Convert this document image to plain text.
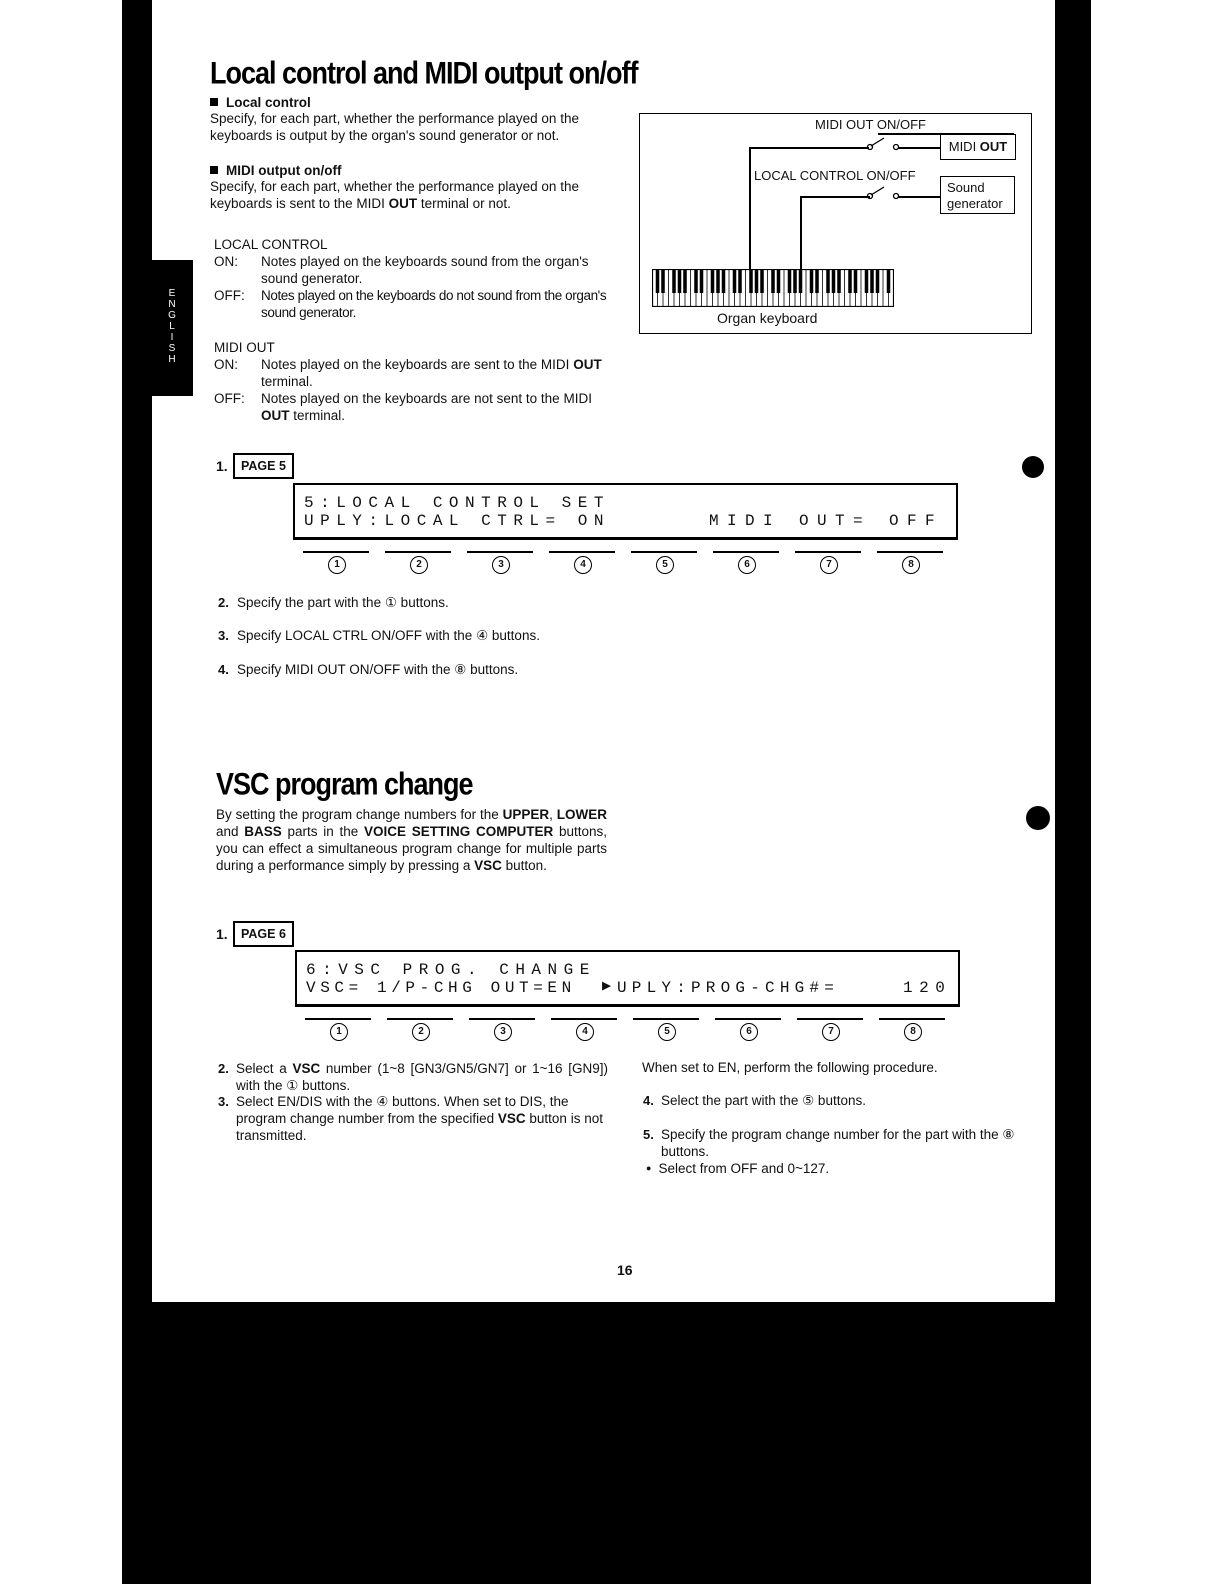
E
N
G
L
I
S
H
Local control and MIDI output on/off
Local control
Specify, for each part, whether the performance played on the keyboards is output by the organ's sound generator or not.
MIDI output on/off
Specify, for each part, whether the performance played on the keyboards is sent to the MIDI OUT terminal or not.
LOCAL CONTROL
ON: Notes played on the keyboards sound from the organ's sound generator.
OFF: Notes played on the keyboards do not sound from the organ's sound generator.
MIDI OUT
ON: Notes played on the keyboards are sent to the MIDI OUT terminal.
OFF: Notes played on the keyboards are not sent to the MIDI OUT terminal.
MIDI OUT ON/OFF
MIDI OUT
LOCAL CONTROL ON/OFF
Sound
generator
Organ keyboard
1.	PAGE 5
5:LOCAL CONTROL SET
UPLY:LOCAL CTRL= ON	MIDI OUT= OFF
2. Specify the part with the ① buttons.
3. Specify LOCAL CTRL ON/OFF with the ④ buttons.
4. Specify MIDI OUT ON/OFF with the ⑧ buttons.
VSC program change
By setting the program change numbers for the UPPER, LOWER and BASS parts in the VOICE SETTING COMPUTER buttons, you can effect a simultaneous program change for multiple parts during a performance simply by pressing a VSC button.
1.	PAGE 6
6:VSC PROG. CHANGE
VSC= 1/P-CHG OUT=EN ▶ UPLY:PROG-CHG#=	120
2. Select a VSC number (1~8 [GN3/GN5/GN7] or 1~16 [GN9]) with the ① buttons.
3. Select EN/DIS with the ④ buttons. When set to DIS, the program change number from the specified VSC button is not transmitted.
When set to EN, perform the following procedure.
4. Select the part with the ⑤ buttons.
5. Specify the program change number for the part with the ⑧ buttons.
● Select from OFF and 0~127.
16
1	2	3	4	5	6	7	8
1	2	3	4	5	6	7	8
